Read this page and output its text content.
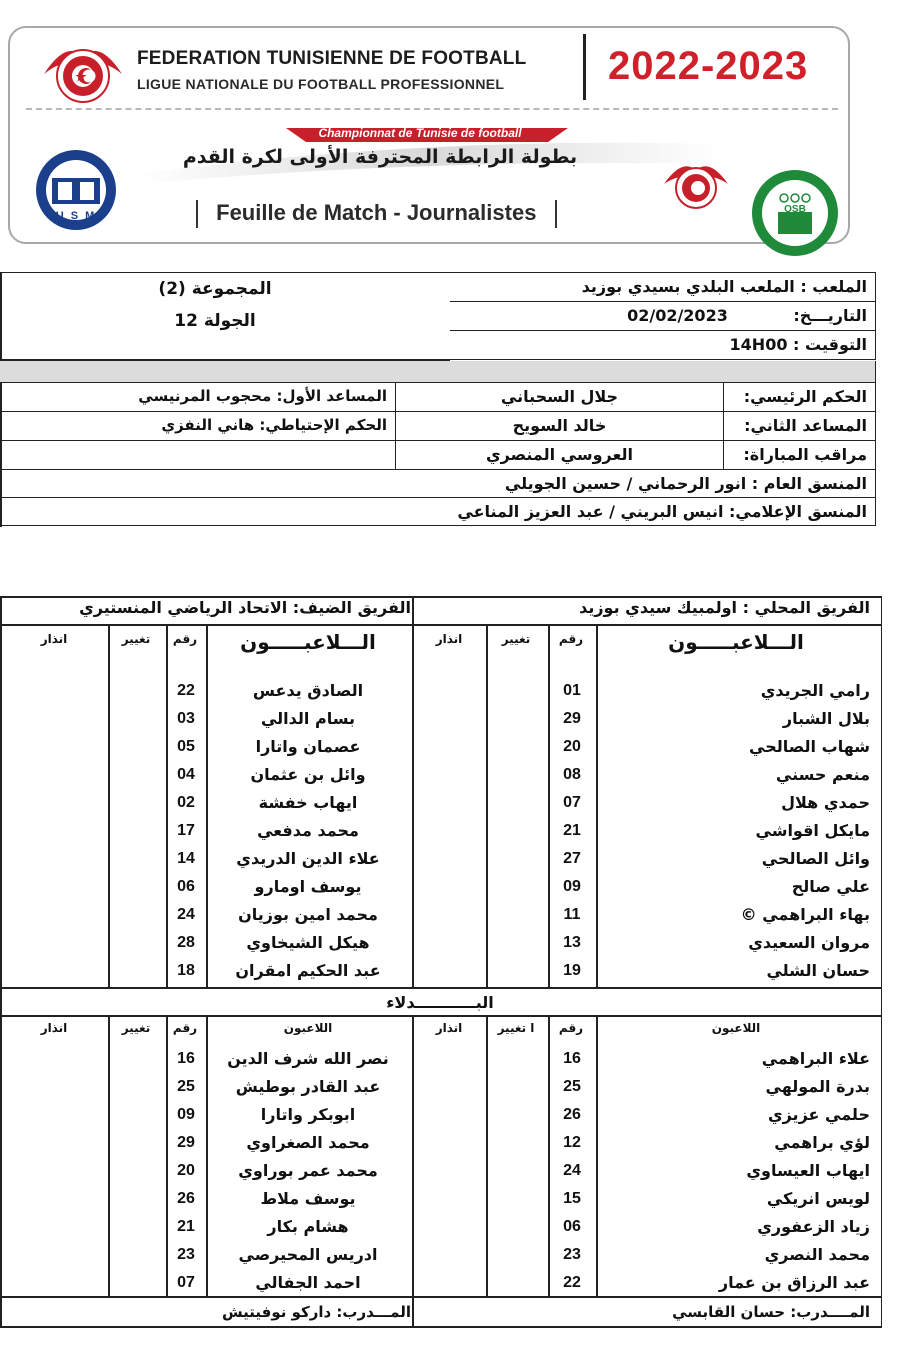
FEDERATION TUNISIENNE DE FOOTBALL
LIGUE NATIONALE DU FOOTBALL PROFESSIONNEL	2022-2023
Championnat de Tunisie de football
بطولة الرابطة المحترفة الأولى لكرة القدم
Feuille de Match - Journalistes
1923
U S M
OSB
الملعب : الملعب البلدي بسيدي بوزيد
التاريـــخ: 02/02/2023
التوقيت : 14H00
المجموعة (2)
الجولة 12
الحكم الرئيسي:
جلال السحباني
المساعد الأول: محجوب المرنيسي
المساعد الثاني:
خالد السويح
الحكم الإحتياطي: هاني النفزي
مراقب المباراة:
العروسي المنصري
المنسق العام : انور الرحماني / حسين الجويلي
المنسق الإعلامي: انيس البريني / عبد العزيز المناعي
الفريق المحلي : اولمبيك سيدي بوزيد
الفريق الضيف: الاتحاد الرياضي المنستيري
الـــلاعبـــــون
رقم
تغيير
انذار
الـــلاعبـــــون
رقم
تغيير
انذار
البـــــــــــدلاء
اللاعبون
رقم
ا تغيير
انذار
اللاعبون
رقم
تغيير
انذار
المــــدرب: حسان القابسي
المـــدرب: داركو نوفيتيش
رامي الجريدي
01
بلال الشبار
29
شهاب الصالحي
20
منعم حسني
08
حمدي هلال
07
مايكل اقواشي
21
وائل الصالحي
27
علي صالح
09
بهاء البراهمي ©
11
مروان السعيدي
13
حسان الشلي
19
الصادق يدعس
22
بسام الدالي
03
عصمان واتارا
05
وائل بن عثمان
04
ايهاب خفشة
02
محمد مدفعي
17
علاء الدين الدريدي
14
يوسف اومارو
06
محمد امين بوزيان
24
هيكل الشيخاوي
28
عبد الحكيم امقران
18
علاء البراهمي
16
بدرة المولهي
25
حلمي عزيزي
26
لؤي براهمي
12
ايهاب العيساوي
24
لويس انريكي
15
زياد الزعفوري
06
محمد النصري
23
عبد الرزاق بن عمار
22
نصر الله شرف الدين
16
عبد القادر بوطيش
25
ابوبكر واتارا
09
محمد الصغراوي
29
محمد عمر بوراوي
20
يوسف ملاط
26
هشام بكار
21
ادريس المحيرصي
23
احمد الجفالي
07
